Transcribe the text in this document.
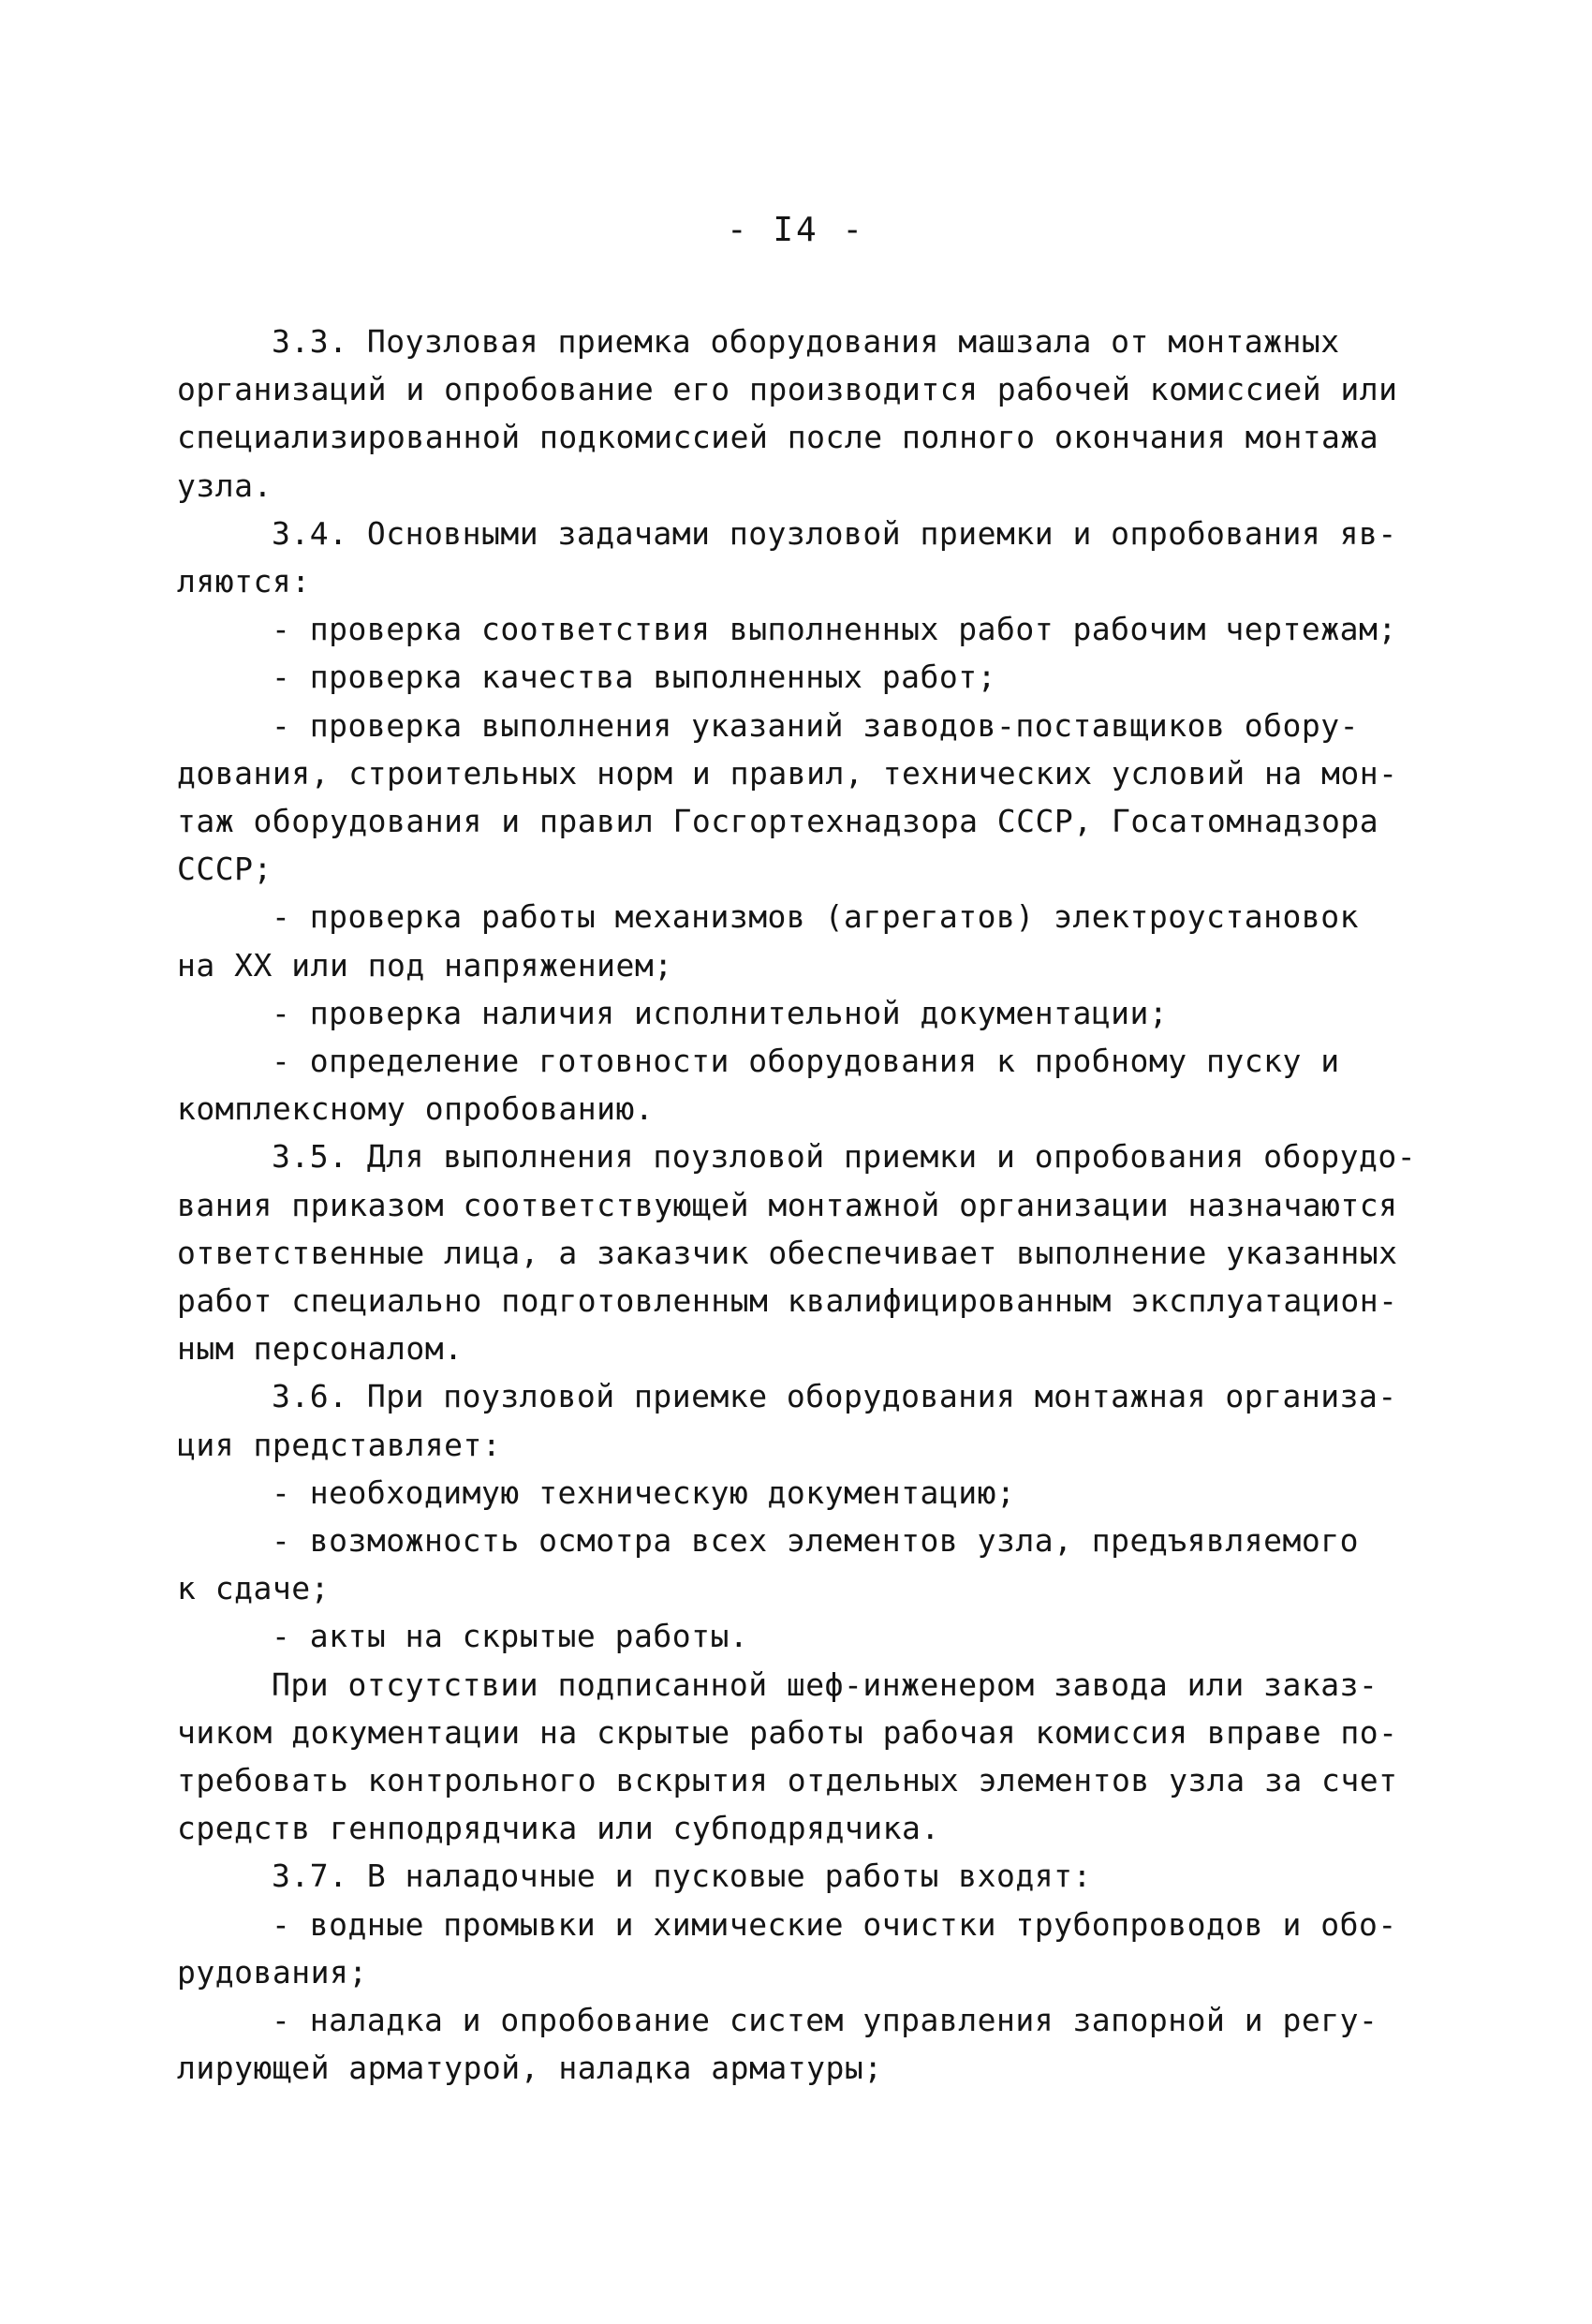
- I4 -
3.3. Поузловая приемка оборудования машзала от монтажных
организаций и опробование его производится рабочей комиссией или
специализированной подкомиссией после полного окончания монтажа
узла.
3.4. Основными задачами поузловой приемки и опробования яв-
ляются:
- проверка соответствия выполненных работ рабочим чертежам;
- проверка качества выполненных работ;
- проверка выполнения указаний заводов-поставщиков обору-
дования, строительных норм и правил, технических условий на мон-
таж оборудования и правил Госгортехнадзора СССР, Госатомнадзора
СССР;
- проверка работы механизмов (агрегатов) электроустановок
на XX или под напряжением;
- проверка наличия исполнительной документации;
- определение готовности оборудования к пробному пуску и
комплексному опробованию.
3.5. Для выполнения поузловой приемки и опробования оборудо-
вания приказом соответствующей монтажной организации назначаются
ответственные лица, а заказчик обеспечивает выполнение указанных
работ специально подготовленным квалифицированным эксплуатацион-
ным персоналом.
3.6. При поузловой приемке оборудования монтажная организа-
ция представляет:
- необходимую техническую документацию;
- возможность осмотра всех элементов узла, предъявляемого
к сдаче;
- акты на скрытые работы.
При отсутствии подписанной шеф-инженером завода или заказ-
чиком документации на скрытые работы рабочая комиссия вправе по-
требовать контрольного вскрытия отдельных элементов узла за счет
средств генподрядчика или субподрядчика.
3.7. В наладочные и пусковые работы входят:
- водные промывки и химические очистки трубопроводов и обо-
рудования;
- наладка и опробование систем управления запорной и регу-
лирующей арматурой, наладка арматуры;
